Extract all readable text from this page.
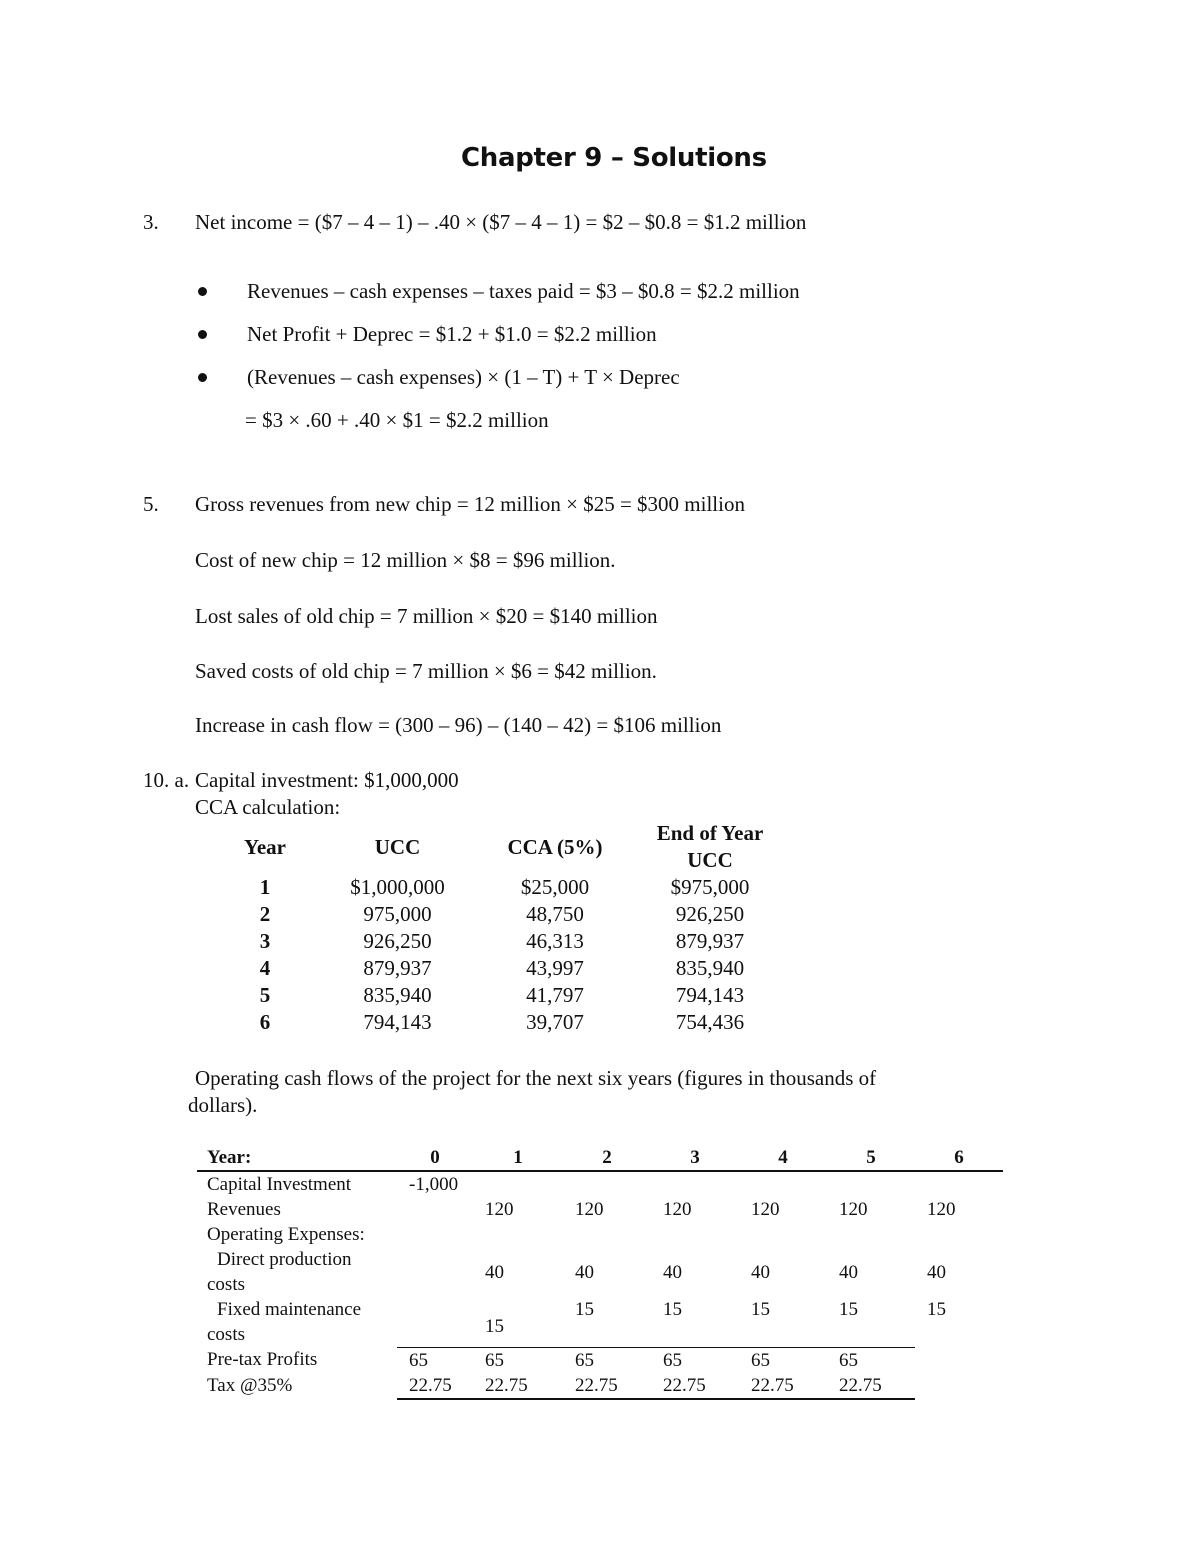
Chapter 9 – Solutions
3. Net income = ($7 – 4 – 1) – .40 × ($7 – 4 – 1) = $2 – $0.8 = $1.2 million
Revenues – cash expenses – taxes paid = $3 – $0.8 = $2.2 million
Net Profit + Deprec = $1.2 + $1.0 = $2.2 million
(Revenues – cash expenses) × (1 – T) + T × Deprec
= $3 × .60 + .40 × $1 = $2.2 million
5. Gross revenues from new chip = 12 million × $25 = $300 million
Cost of new chip = 12 million × $8 = $96 million.
Lost sales of old chip = 7 million × $20 = $140 million
Saved costs of old chip = 7 million × $6 = $42 million.
Increase in cash flow = (300 – 96) – (140 – 42) = $106 million
10. a. Capital investment: $1,000,000
CCA calculation:
Year	UCC	CCA (5%)	End of Year
UCC

1	$1,000,000	$25,000	$975,000
2	975,000	48,750	926,250
3	926,250	46,313	879,937
4	879,937	43,997	835,940
5	835,940	41,797	794,143
6	794,143	39,707	754,436
Operating cash flows of the project for the next six years (figures in thousands of
dollars).
Year:	0	1	2	3	4	5	6
Capital Investment	-1,000						
Revenues		120	120	120	120	120	120
Operating Expenses:							

Direct production
costs		40	40	40	40	40	40

Fixed maintenance
costs		15	15	15	15	15	15
Pre-tax Profits	65	65	65	65	65	65	
Tax @35%	22.75	22.75	22.75	22.75	22.75	22.75	
